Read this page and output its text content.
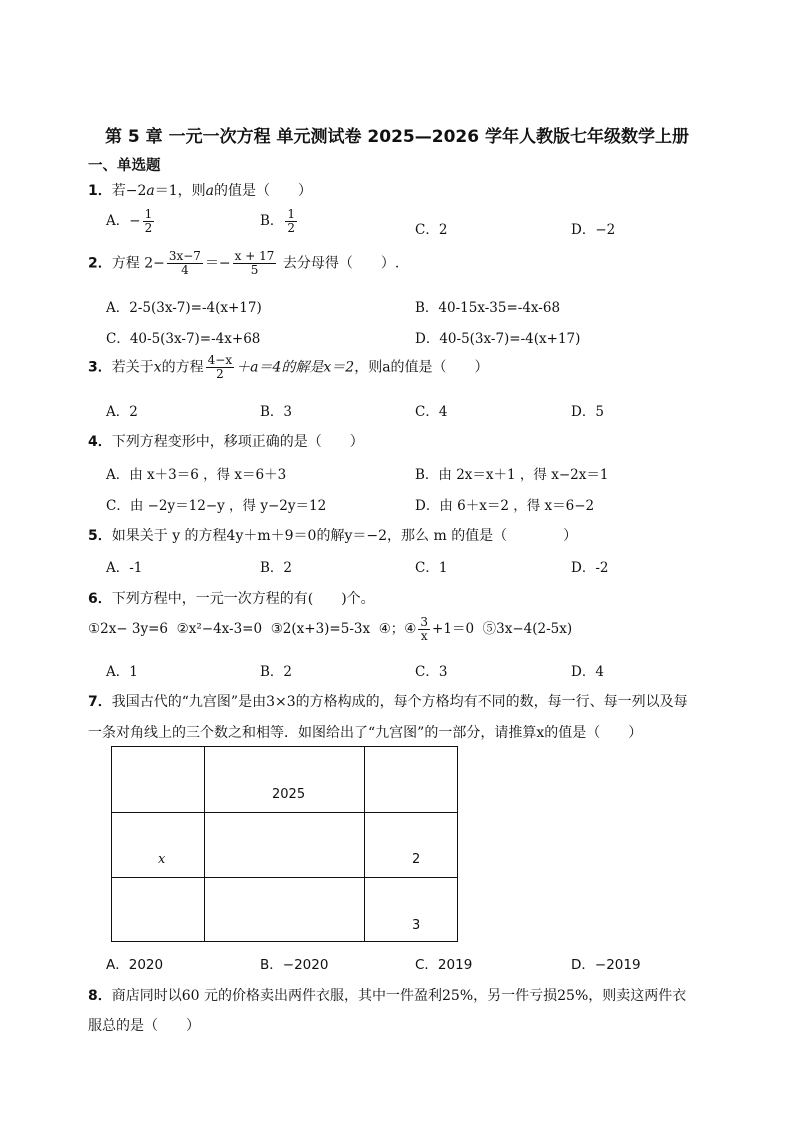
第 5 章 一元一次方程 单元测试卷 2025—2026 学年人教版七年级数学上册
一、单选题
1．若−2a＝1，则a的值是（　　）
A．− $\frac{1}{2}$	B． $\frac{1}{2}$	C．2	D．−2
2．方程 $2- \frac{3x-7}{4} =- \frac{x + 17}{5}$ 去分母得（　　）.
A．2-5(3x-7)=-4(x+17)	B．40-15x-35=-4x-68
C．40-5(3x-7)=-4x+68	D．40-5(3x-7)=-4(x+17)
3．若关于x的方程 $\frac{4-x}{2} +a=4$的解是x＝2，则a的值是（　　）
A．2	B．3	C．4	D．5
4．下列方程变形中，移项正确的是（　　）
A．由 x＋3＝6 ，得 x＝6＋3	B．由 2x＝x＋1 ，得 x−2x＝1
C．由 −2y＝12−y ，得 y−2y＝12	D．由 6＋x＝2 ，得 x＝6−2
5．如果关于 y 的方程4y＋m＋9＝0的解y＝−2，那么 m 的值是（　　　　）
A．-1	B．2	C．1	D．-2
6．下列方程中，一元一次方程的有(　　)个。
①2x− 3y=6 ②x²−4x-3=0 ③2(x+3)=5-3x ④；④ $\frac{3}{x} +1=0$ ⑤3x−4(2-5x)
A．1	B．2	C．3	D．4
7．我国古代的“九宫图”是由3×3的方格构成的，每个方格均有不同的数，每一行、每一列以及每
一条对角线上的三个数之和相等．如图给出了“九宫图”的一部分，请推算x的值是（　　）

	2025	

x		2

		3
A．2020	B．−2020	C．2019	D．−2019
8．商店同时以60 元的价格卖出两件衣服，其中一件盈利25%，另一件亏损25%，则卖这两件衣
服总的是（　　）
